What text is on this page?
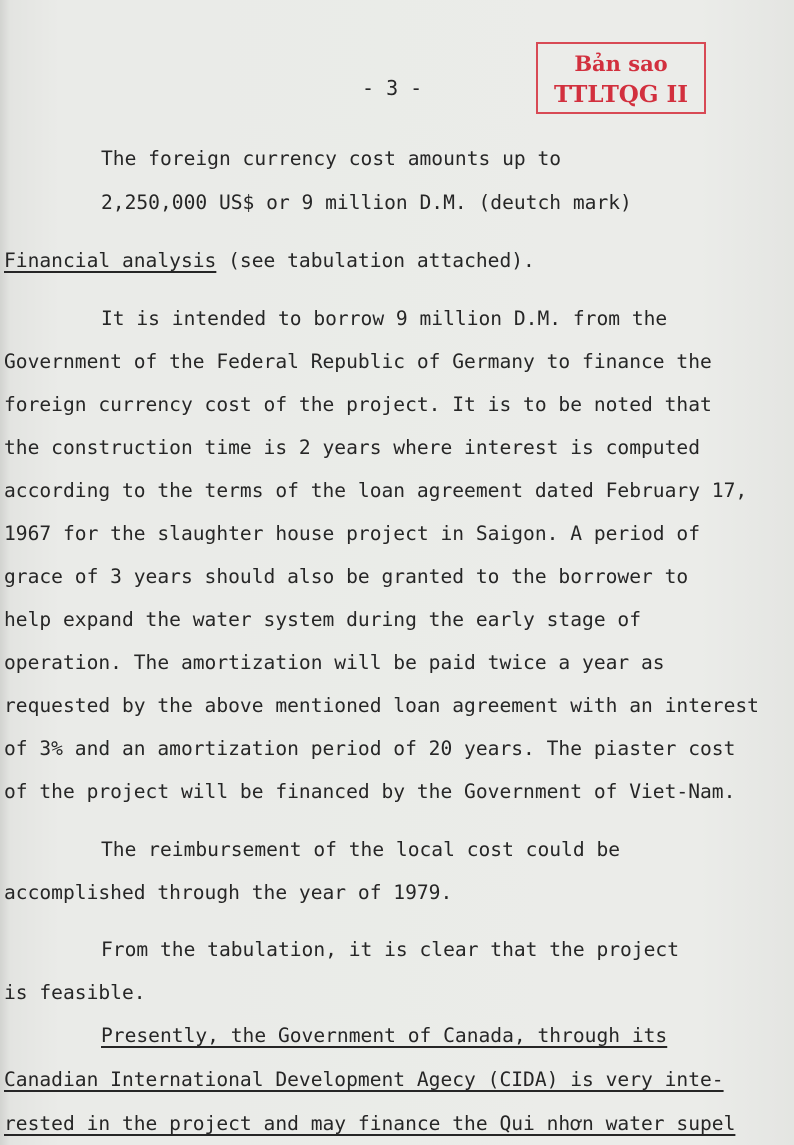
Bản sao
TTLTQG II
- 3 -
The foreign currency cost amounts up to
2,250,000 US$ or 9 million D.M. (deutch mark)
Financial analysis (see tabulation attached).
It is intended to borrow 9 million D.M. from the
Government of the Federal Republic of Germany to finance the
foreign currency cost of the project. It is to be noted that
the construction time is 2 years where interest is computed
according to the terms of the loan agreement dated February 17,
1967 for the slaughter house project in Saigon. A period of
grace of 3 years should also be granted to the borrower to
help expand the water system during the early stage of
operation. The amortization will be paid twice a year as
requested by the above mentioned loan agreement with an interest
of 3% and an amortization period of 20 years. The piaster cost
of the project will be financed by the Government of Viet-Nam.
The reimbursement of the local cost could be
accomplished through the year of 1979.
From the tabulation, it is clear that the project
is feasible.
Presently, the Government of Canada, through its
Canadian International Development Agecy (CIDA) is very inte-
rested in the project and may finance the Qui nhơn water supel
